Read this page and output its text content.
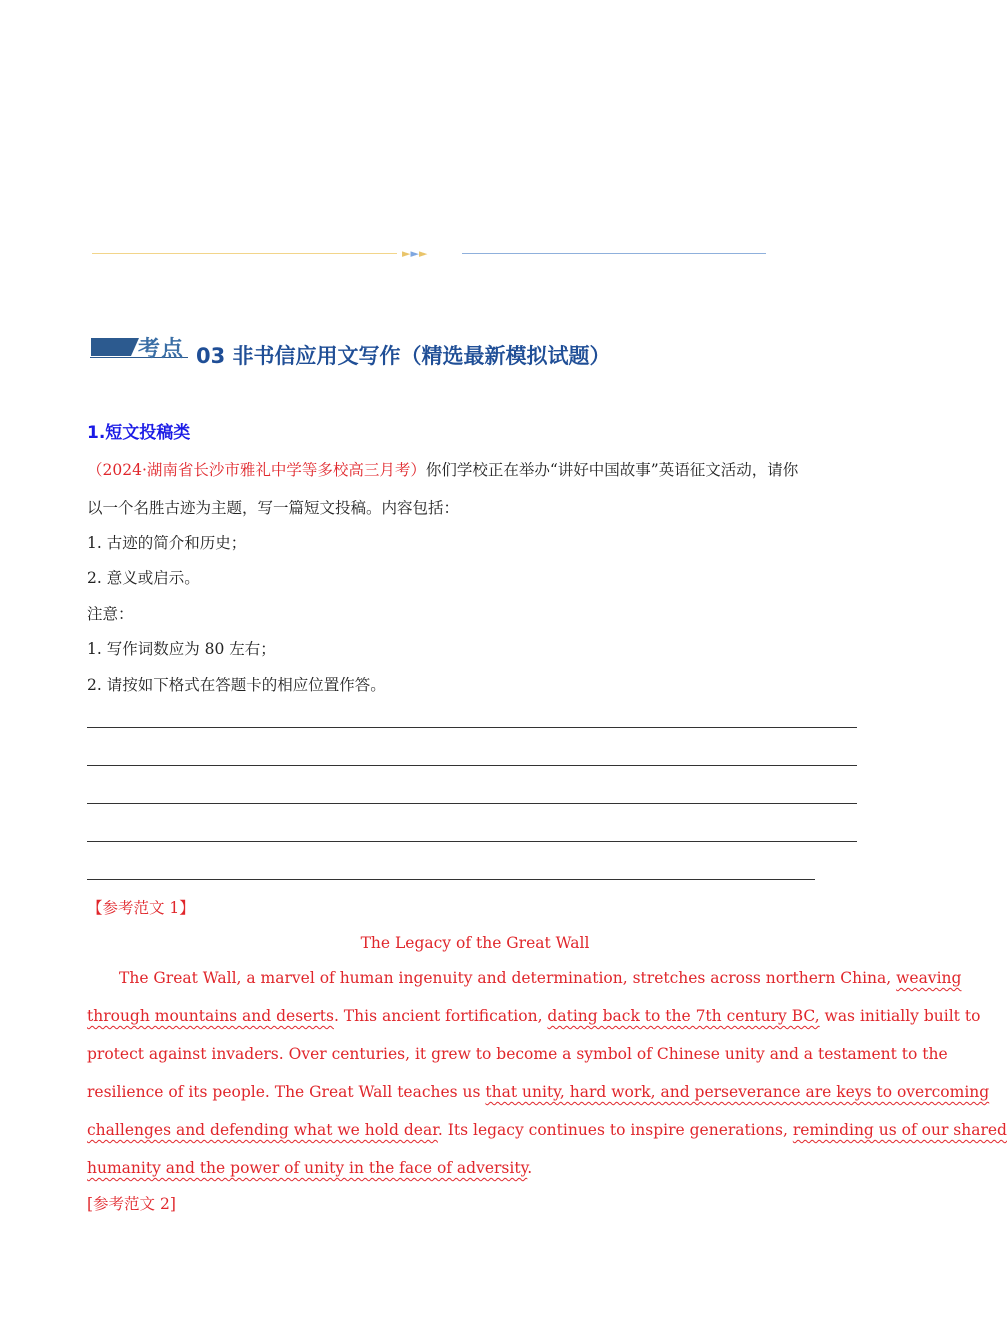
►►►
考点 03 非书信应用文写作（精选最新模拟试题）
1.短文投稿类
（2024·湖南省长沙市雅礼中学等多校高三月考）你们学校正在举办“讲好中国故事”英语征文活动，请你
以一个名胜古迹为主题，写一篇短文投稿。内容包括：
1. 古迹的简介和历史；
2. 意义或启示。
注意：
1. 写作词数应为 80 左右；
2. 请按如下格式在答题卡的相应位置作答。
【参考范文 1】
The Legacy of the Great Wall
The Great Wall, a marvel of human ingenuity and determination, stretches across northern China, weaving
through mountains and deserts. This ancient fortification, dating back to the 7th century BC, was initially built to
protect against invaders. Over centuries, it grew to become a symbol of Chinese unity and a testament to the
resilience of its people. The Great Wall teaches us that unity, hard work, and perseverance are keys to overcoming
challenges and defending what we hold dear. Its legacy continues to inspire generations, reminding us of our shared
humanity and the power of unity in the face of adversity.
[参考范文 2]
